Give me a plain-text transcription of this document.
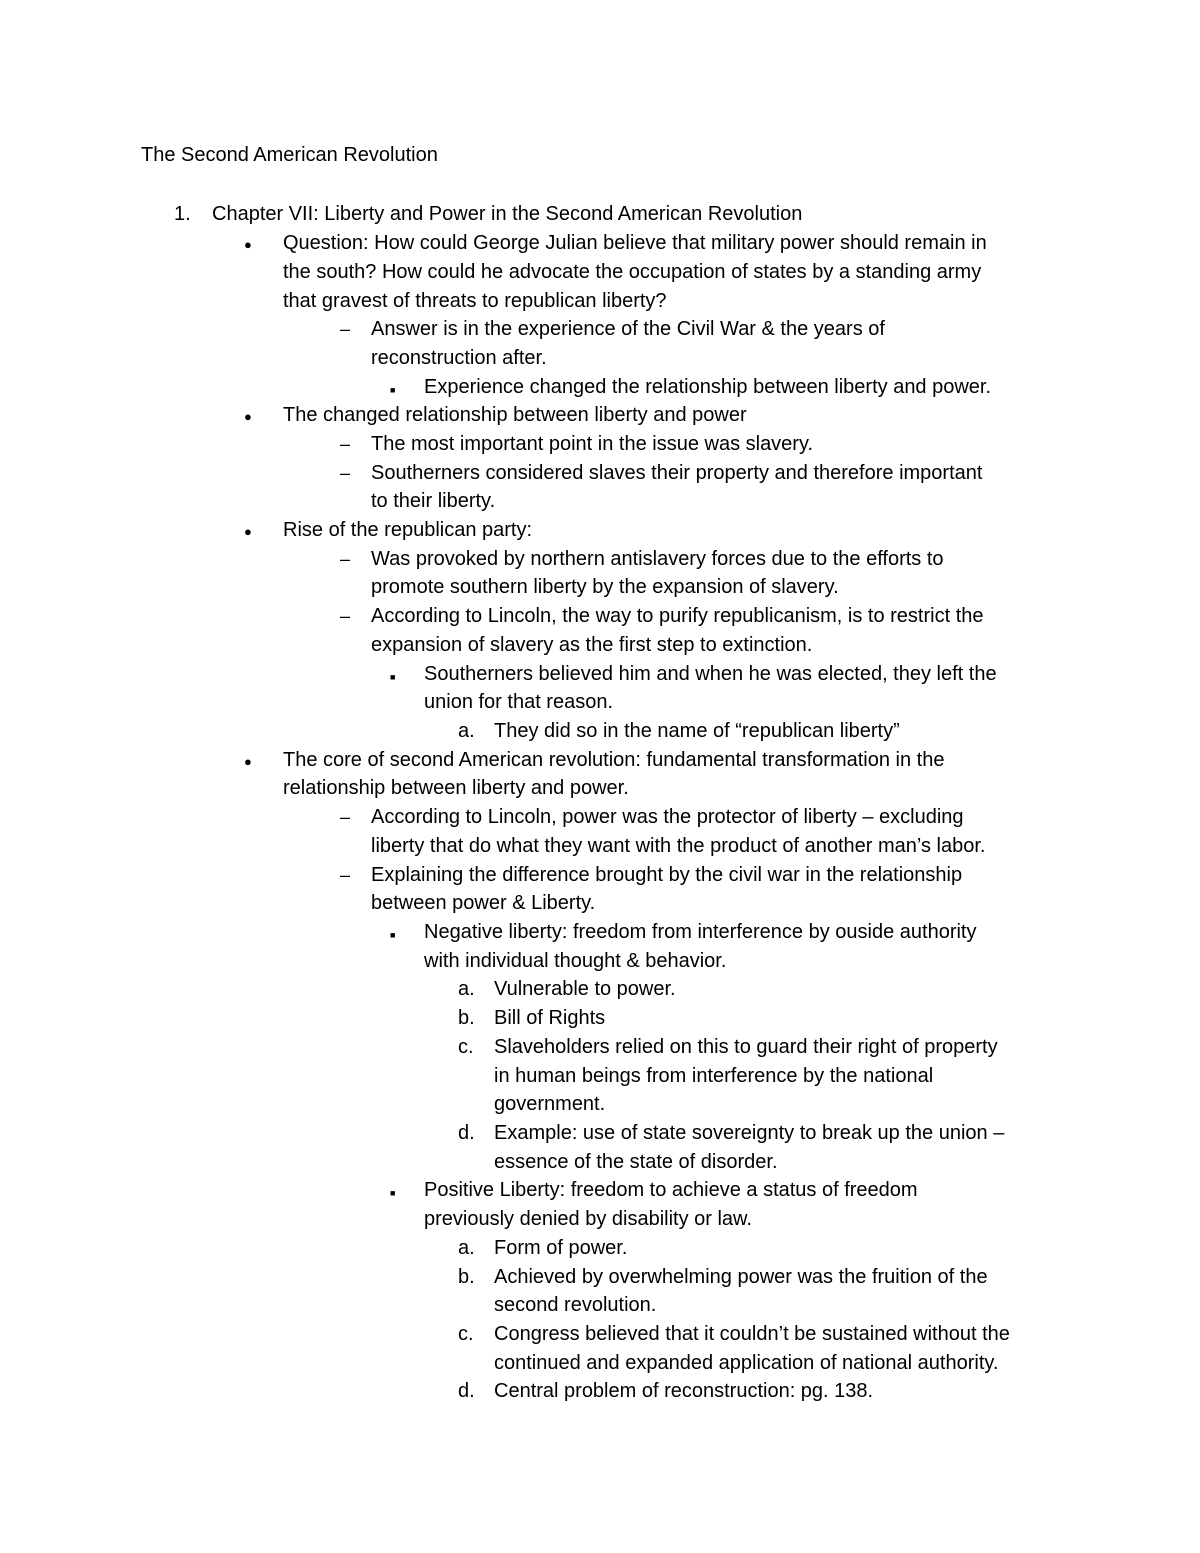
The Second American Revolution
1. Chapter VII: Liberty and Power in the Second American Revolution
● Question: How could George Julian believe that military power should remain in
the south? How could he advocate the occupation of states by a standing army
that gravest of threats to republican liberty?
– Answer is in the experience of the Civil War & the years of
reconstruction after.
■ Experience changed the relationship between liberty and power.
● The changed relationship between liberty and power
– The most important point in the issue was slavery.
– Southerners considered slaves their property and therefore important
to their liberty.
● Rise of the republican party:
– Was provoked by northern antislavery forces due to the efforts to
promote southern liberty by the expansion of slavery.
– According to Lincoln, the way to purify republicanism, is to restrict the
expansion of slavery as the first step to extinction.
■ Southerners believed him and when he was elected, they left the
union for that reason.
a. They did so in the name of “republican liberty”
● The core of second American revolution: fundamental transformation in the
relationship between liberty and power.
– According to Lincoln, power was the protector of liberty – excluding
liberty that do what they want with the product of another man’s labor.
– Explaining the difference brought by the civil war in the relationship
between power & Liberty.
■ Negative liberty: freedom from interference by ouside authority
with individual thought & behavior.
a. Vulnerable to power.
b. Bill of Rights
c. Slaveholders relied on this to guard their right of property
in human beings from interference by the national
government.
d. Example: use of state sovereignty to break up the union –
essence of the state of disorder.
■ Positive Liberty: freedom to achieve a status of freedom
previously denied by disability or law.
a. Form of power.
b. Achieved by overwhelming power was the fruition of the
second revolution.
c. Congress believed that it couldn’t be sustained without the
continued and expanded application of national authority.
d. Central problem of reconstruction: pg. 138.
